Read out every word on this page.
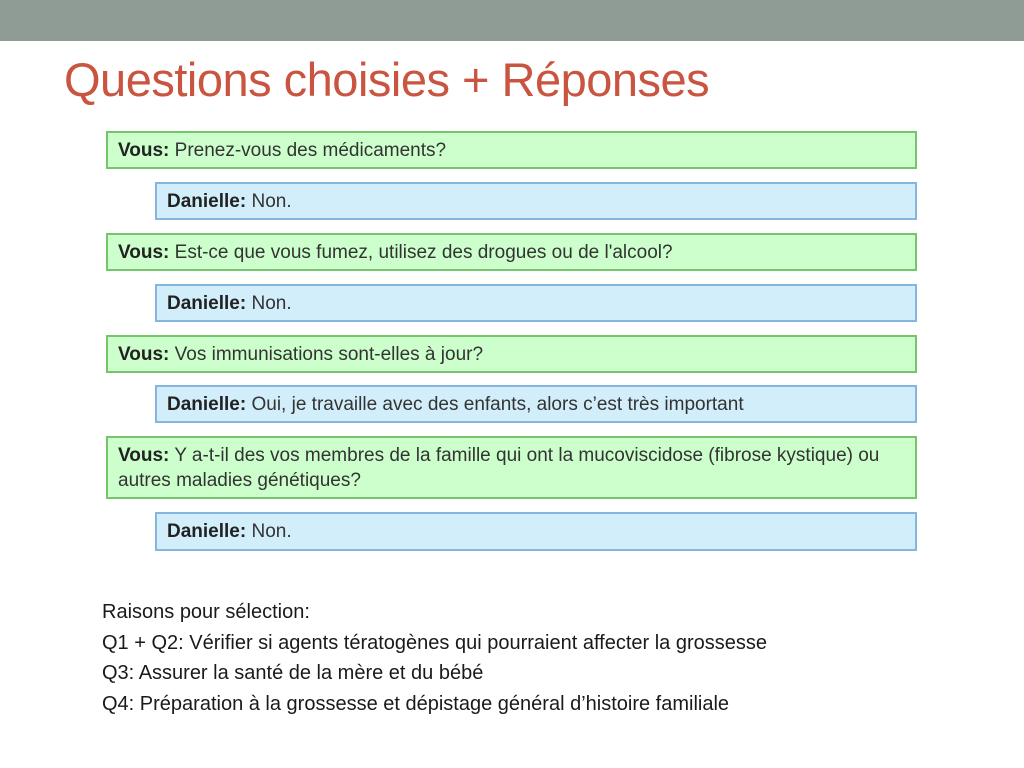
Questions choisies + Réponses
Vous: Prenez-vous des médicaments?
Danielle: Non.
Vous: Est-ce que vous fumez, utilisez des drogues ou de l'alcool?
Danielle: Non.
Vous: Vos immunisations sont-elles à jour?
Danielle: Oui, je travaille avec des enfants, alors c’est très important
Vous: Y a-t-il des vos membres de la famille qui ont la mucoviscidose (fibrose kystique) ou autres maladies génétiques?
Danielle: Non.
Raisons pour sélection:
Q1 + Q2: Vérifier si agents tératogènes qui pourraient affecter la grossesse
Q3: Assurer la santé de la mère et du bébé
Q4: Préparation à la grossesse et dépistage général d’histoire familiale
